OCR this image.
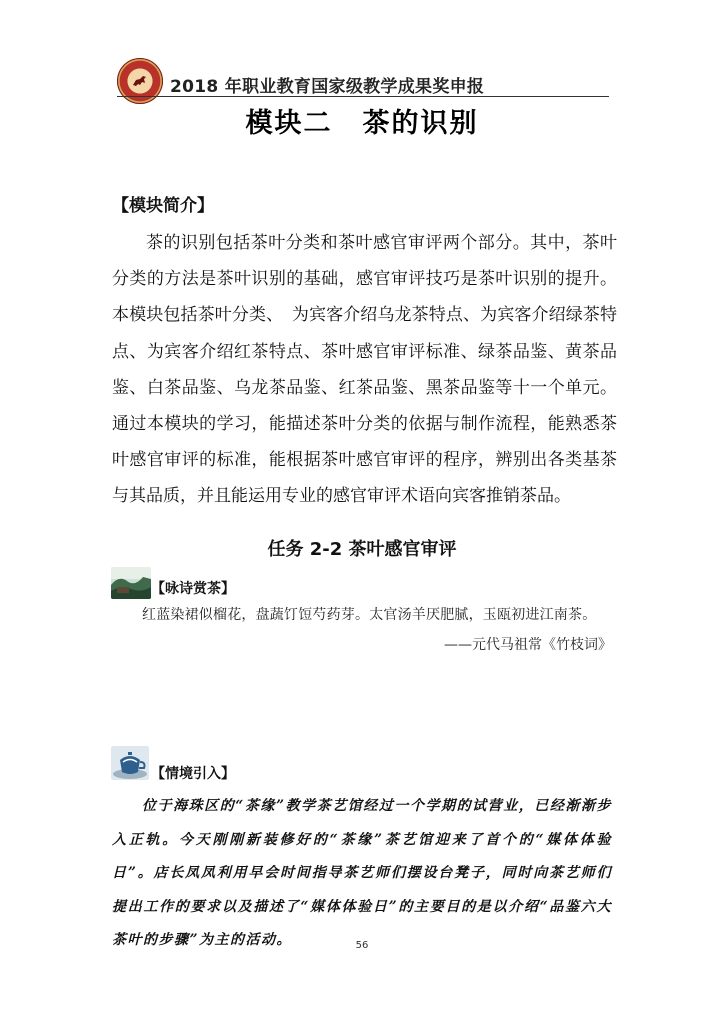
2018 年职业教育国家级教学成果奖申报
模块二 茶的识别
【模块简介】

茶的识别包括茶叶分类和茶叶感官审评两个部分。其中，茶叶分类的方法是茶叶识别的基础，感官审评技巧是茶叶识别的提升。本模块包括茶叶分类、　为宾客介绍乌龙茶特点、为宾客介绍绿茶特点、为宾客介绍红茶特点、茶叶感官审评标准、绿茶品鉴、黄茶品鉴、白茶品鉴、乌龙茶品鉴、红茶品鉴、黑茶品鉴等十一个单元。通过本模块的学习，能描述茶叶分类的依据与制作流程，能熟悉茶叶感官审评的标准，能根据茶叶感官审评的程序，辨别出各类基茶与其品质，并且能运用专业的感官审评术语向宾客推销茶品。

任务 2-2 茶叶感官审评
【咏诗赏茶】
红蓝染裙似榴花，盘蔬饤饾芍药芽。太官汤羊厌肥腻，玉瓯初进江南茶。
——元代马祖常《竹枝词》
【情境引入】

位于海珠区的“茶缘”教学茶艺馆经过一个学期的试营业，已经渐渐步入正轨。今天刚刚新装修好的“茶缘”茶艺馆迎来了首个的“媒体体验日”。店长凤凤利用早会时间指导茶艺师们摆设台凳子，同时向茶艺师们提出工作的要求以及描述了“媒体体验日”的主要目的是以介绍“品鉴六大茶叶的步骤”为主的活动。	56
